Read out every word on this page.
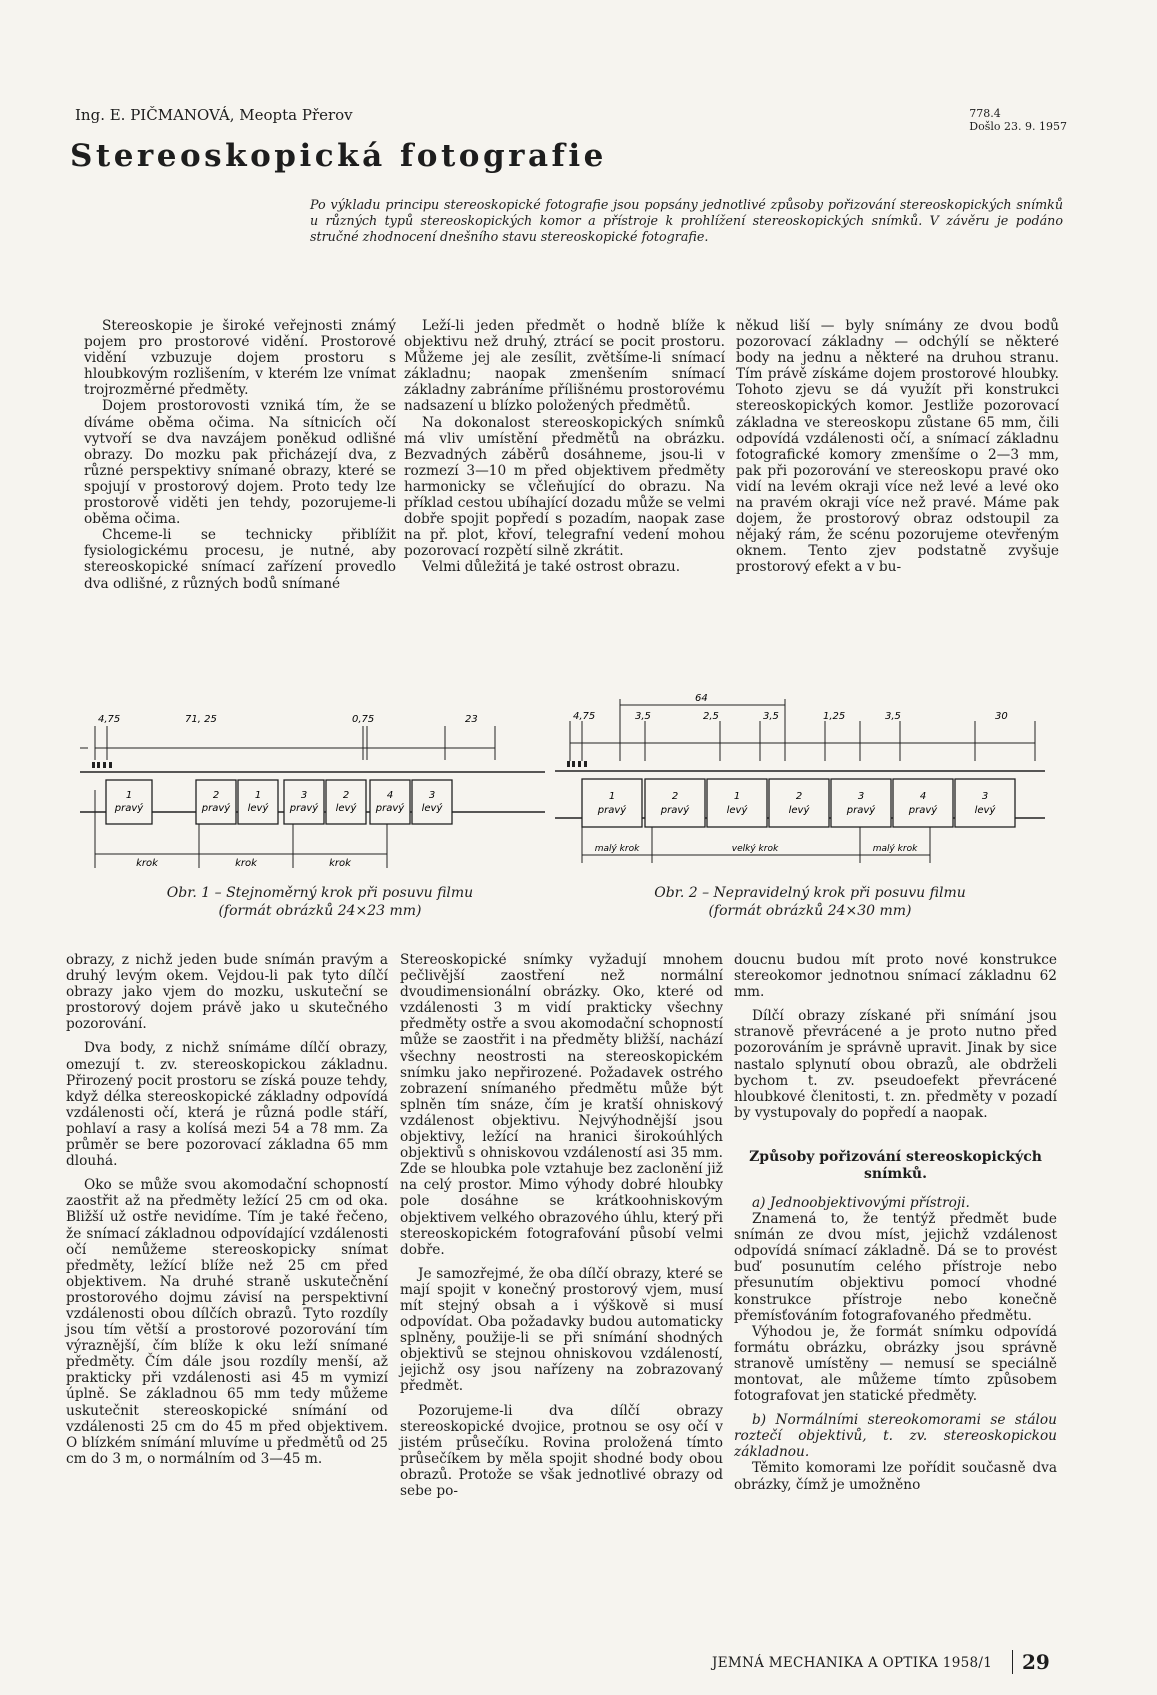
Ing. E. PIČMANOVÁ, Meopta Přerov
Stereoskopická fotografie
778.4
Došlo 23. 9. 1957
Po výkladu principu stereoskopické fotografie jsou popsány jednotlivé způsoby pořizování stereoskopických snímků u různých typů stereoskopických komor a přístroje k prohlížení stereoskopických snímků. V závěru je podáno stručné zhodnocení dnešního stavu stereoskopické fotografie.

Stereoskopie je široké veřejnosti známý pojem pro prostorové vidění. Prostorové vidění vzbuzuje dojem prostoru s hloubkovým rozlišením, v kterém lze vnímat trojrozměrné předměty.

Dojem prostorovosti vzniká tím, že se díváme oběma očima. Na sítnicích očí vytvoří se dva navzájem poněkud odlišné obrazy. Do mozku pak přicházejí dva, z různé perspektivy snímané obrazy, které se spojují v prostorový dojem. Proto tedy lze prostorově viděti jen tehdy, pozorujeme-li oběma očima.

Chceme-li se technicky přiblížit fysiologickému procesu, je nutné, aby stereoskopické snímací zařízení provedlo dva odlišné, z různých bodů snímané

Leží-li jeden předmět o hodně blíže k objektivu než druhý, ztrácí se pocit prostoru. Můžeme jej ale zesílit, zvětšíme-li snímací základnu; naopak zmenšením snímací základny zabráníme přílišnému prostorovému nadsazení u blízko položených předmětů.

Na dokonalost stereoskopických snímků má vliv umístění předmětů na obrázku. Bezvadných záběrů dosáhneme, jsou-li v rozmezí 3—10 m před objektivem předměty harmonicky se včleňující do obrazu. Na příklad cestou ubíhající dozadu může se velmi dobře spojit popředí s pozadím, naopak zase na př. plot, křoví, telegrafní vedení mohou pozorovací rozpětí silně zkrátit.

Velmi důležitá je také ostrost obrazu.

někud liší — byly snímány ze dvou bodů pozorovací základny — odchýlí se některé body na jednu a některé na druhou stranu. Tím právě získáme dojem prostorové hloubky. Tohoto zjevu se dá využít při konstrukci stereoskopických komor. Jestliže pozorovací základna ve stereoskopu zůstane 65 mm, čili odpovídá vzdálenosti očí, a snímací základnu fotografické komory zmenšíme o 2—3 mm, pak při pozorování ve stereoskopu pravé oko vidí na levém okraji více než levé a levé oko na pravém okraji více než pravé. Máme pak dojem, že prostorový obraz odstoupil za nějaký rám, že scénu pozorujeme otevřeným oknem. Tento zjev podstatně zvyšuje prostorový efekt a v bu-

4,75	71, 25	0,75	23
1
pravý
2
pravý
1
levý
3
pravý
2
levý
4
pravý
3
levý
krok	krok	krok
64
4,75	3,5	2,5	3,5	1,25	3,5	30
1
pravý
2
pravý
1
levý
2
levý
3
pravý
4
pravý
3
levý
malý krok	velký krok	malý krok
Obr. 1 – Stejnoměrný krok při posuvu filmu
(formát obrázků 24×23 mm)
Obr. 2 – Nepravidelný krok při posuvu filmu
(formát obrázků 24×30 mm)

obrazy, z nichž jeden bude snímán pravým a druhý levým okem. Vejdou-li pak tyto dílčí obrazy jako vjem do mozku, uskuteční se prostorový dojem právě jako u skutečného pozorování.

Dva body, z nichž snímáme dílčí obrazy, omezují t. zv. stereoskopickou základnu. Přirozený pocit prostoru se získá pouze tehdy, když délka stereoskopické základny odpovídá vzdálenosti očí, která je různá podle stáří, pohlaví a rasy a kolísá mezi 54 a 78 mm. Za průměr se bere pozorovací základna 65 mm dlouhá.

Oko se může svou akomodační schopností zaostřit až na předměty ležící 25 cm od oka. Bližší už ostře nevidíme. Tím je také řečeno, že snímací základnou odpovídající vzdálenosti očí nemůžeme stereoskopicky snímat předměty, ležící blíže než 25 cm před objektivem. Na druhé straně uskutečnění prostorového dojmu závisí na perspektivní vzdálenosti obou dílčích obrazů. Tyto rozdíly jsou tím větší a prostorové pozorování tím výraznější, čím blíže k oku leží snímané předměty. Čím dále jsou rozdíly menší, až prakticky při vzdálenosti asi 45 m vymizí úplně. Se základnou 65 mm tedy můžeme uskutečnit stereoskopické snímání od vzdálenosti 25 cm do 45 m před objektivem. O blízkém snímání mluvíme u předmětů od 25 cm do 3 m, o normálním od 3—45 m.

Stereoskopické snímky vyžadují mnohem pečlivější zaostření než normální dvoudimensionální obrázky. Oko, které od vzdálenosti 3 m vidí prakticky všechny předměty ostře a svou akomodační schopností může se zaostřit i na předměty bližší, nachází všechny neostrosti na stereoskopickém snímku jako nepřirozené. Požadavek ostrého zobrazení snímaného předmětu může být splněn tím snáze, čím je kratší ohniskový vzdálenost objektivu. Nejvýhodnější jsou objektivy, ležící na hranici širokoúhlých objektivů s ohniskovou vzdáleností asi 35 mm. Zde se hloubka pole vztahuje bez zaclonění již na celý prostor. Mimo výhody dobré hloubky pole dosáhne se krátkoohniskovým objektivem velkého obrazového úhlu, který při stereoskopickém fotografování působí velmi dobře.

Je samozřejmé, že oba dílčí obrazy, které se mají spojit v konečný prostorový vjem, musí mít stejný obsah a i výškově si musí odpovídat. Oba požadavky budou automaticky splněny, použije-li se při snímání shodných objektivů se stejnou ohniskovou vzdáleností, jejichž osy jsou nařízeny na zobrazovaný předmět.

Pozorujeme-li dva dílčí obrazy stereoskopické dvojice, protnou se osy očí v jistém průsečíku. Rovina proložená tímto průsečíkem by měla spojit shodné body obou obrazů. Protože se však jednotlivé obrazy od sebe po-

doucnu budou mít proto nové konstrukce stereokomor jednotnou snímací základnu 62 mm.

Dílčí obrazy získané při snímání jsou stranově převrácené a je proto nutno před pozorováním je správně upravit. Jinak by sice nastalo splynutí obou obrazů, ale obdrželi bychom t. zv. pseudoefekt převrácené hloubkové členitosti, t. zn. předměty v pozadí by vystupovaly do popředí a naopak.

Způsoby pořizování stereoskopických snímků.

a) Jednoobjektivovými přístroji.

Znamená to, že tentýž předmět bude snímán ze dvou míst, jejichž vzdálenost odpovídá snímací základně. Dá se to provést buď posunutím celého přístroje nebo přesunutím objektivu pomocí vhodné konstrukce přístroje nebo konečně přemísťováním fotografovaného předmětu.

Výhodou je, že formát snímku odpovídá formátu obrázku, obrázky jsou správně stranově umístěny — nemusí se speciálně montovat, ale můžeme tímto způsobem fotografovat jen statické předměty.

b) Normálními stereokomorami se stálou roztečí objektivů, t. zv. stereoskopickou základnou.

Těmito komorami lze pořídit současně dva obrázky, čímž je umožněno

JEMNÁ MECHANIKA A OPTIKA 1958/1 29
